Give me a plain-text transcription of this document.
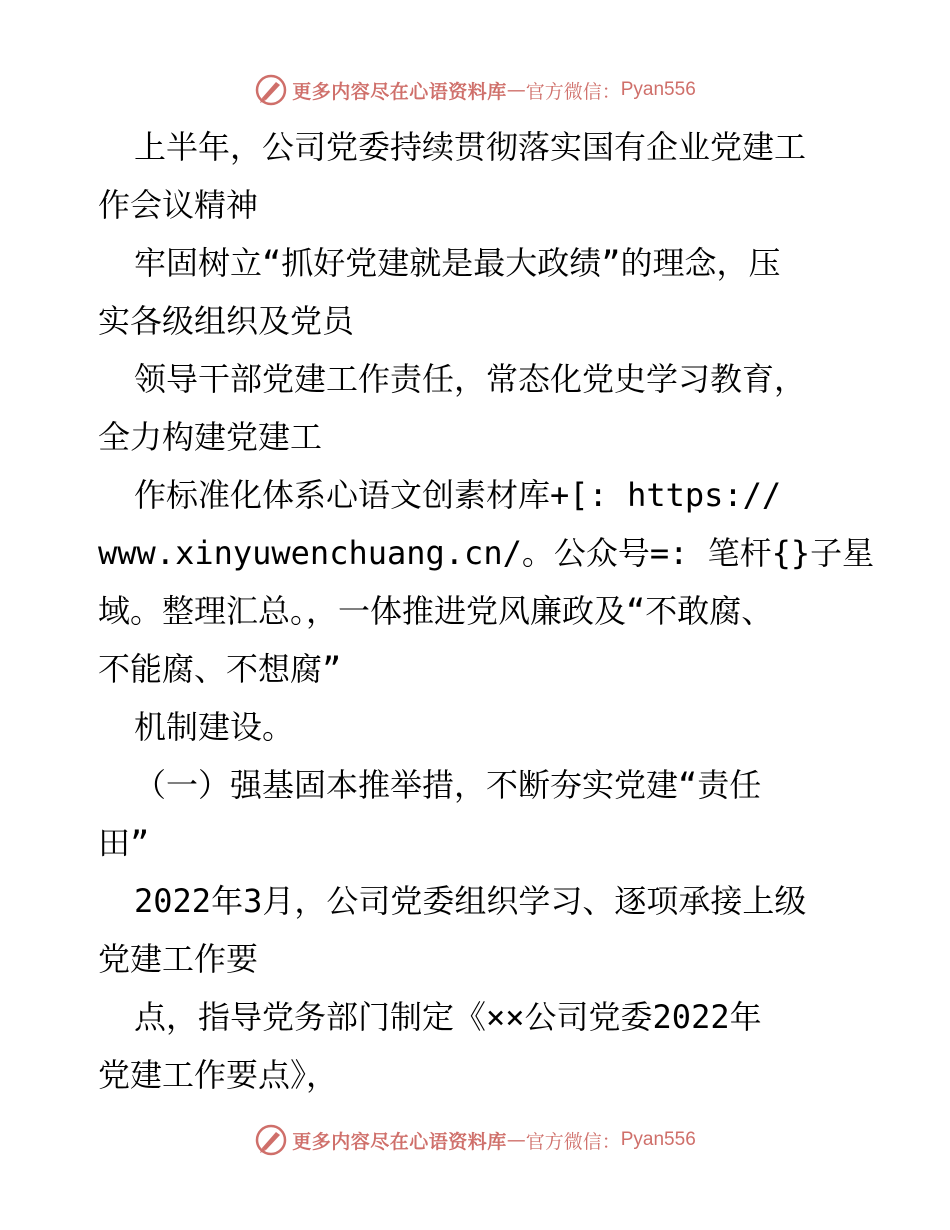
更多内容尽在心语资料库 — 官方微信： Pyan556
上半年，公司党委持续贯彻落实国有企业党建工
作会议精神
牢固树立“抓好党建就是最大政绩”的理念，压
实各级组织及党员
领导干部党建工作责任，常态化党史学习教育，
全力构建党建工
作标准化体系心语文创素材库+[: https://
www.xinyuwenchuang.cn/。公众号=: 笔杆{}子星
域。整理汇总。，一体推进党风廉政及“不敢腐、
不能腐、不想腐”
机制建设。
（一）强基固本推举措，不断夯实党建“责任
田”
2022年3月，公司党委组织学习、逐项承接上级
党建工作要
点，指导党务部门制定《××公司党委2022年
党建工作要点》，
更多内容尽在心语资料库 — 官方微信： Pyan556
